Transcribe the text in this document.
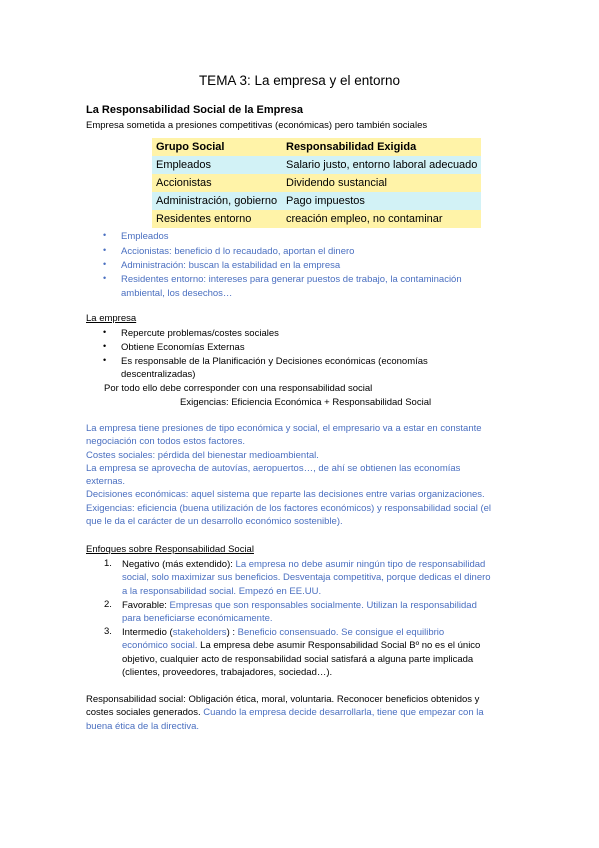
TEMA 3: La empresa y el entorno
La Responsabilidad Social de la Empresa
Empresa sometida a presiones competitivas (económicas) pero también sociales
Grupo Social	Responsabilidad Exigida
Empleados	Salario justo, entorno laboral adecuado
Accionistas	Dividendo sustancial
Administración, gobierno	Pago impuestos
Residentes entorno	creación empleo, no contaminar
• Empleados
• Accionistas: beneficio d lo recaudado, aportan el dinero
• Administración: buscan la estabilidad en la empresa
• Residentes entorno: intereses para generar puestos de trabajo, la contaminación
ambiental, los desechos…
La empresa
• Repercute problemas/costes sociales
• Obtiene Economías Externas
• Es responsable de la Planificación y Decisiones económicas (economías
descentralizadas)
Por todo ello debe corresponder con una responsabilidad social
Exigencias: Eficiencia Económica + Responsabilidad Social
La empresa tiene presiones de tipo económica y social, el empresario va a estar en constante
negociación con todos estos factores.
Costes sociales: pérdida del bienestar medioambiental.
La empresa se aprovecha de autovías, aeropuertos…, de ahí se obtienen las economías
externas.
Decisiones económicas: aquel sistema que reparte las decisiones entre varias organizaciones.
Exigencias: eficiencia (buena utilización de los factores económicos) y responsabilidad social (el
que le da el carácter de un desarrollo económico sostenible).
Enfoques sobre Responsabilidad Social
1. Negativo (más extendido): La empresa no debe asumir ningún tipo de responsabilidad
social, solo maximizar sus beneficios. Desventaja competitiva, porque dedicas el dinero
a la responsabilidad social. Empezó en EE.UU.
2. Favorable: Empresas que son responsables socialmente. Utilizan la responsabilidad
para beneficiarse económicamente.
3. Intermedio (stakeholders) : Beneficio consensuado. Se consigue el equilibrio
económico social. La empresa debe asumir Responsabilidad Social Bº no es el único
objetivo, cualquier acto de responsabilidad social satisfará a alguna parte implicada
(clientes, proveedores, trabajadores, sociedad…).
Responsabilidad social: Obligación ética, moral, voluntaria. Reconocer beneficios obtenidos y
costes sociales generados. Cuando la empresa decide desarrollarla, tiene que empezar con la
buena ética de la directiva.
